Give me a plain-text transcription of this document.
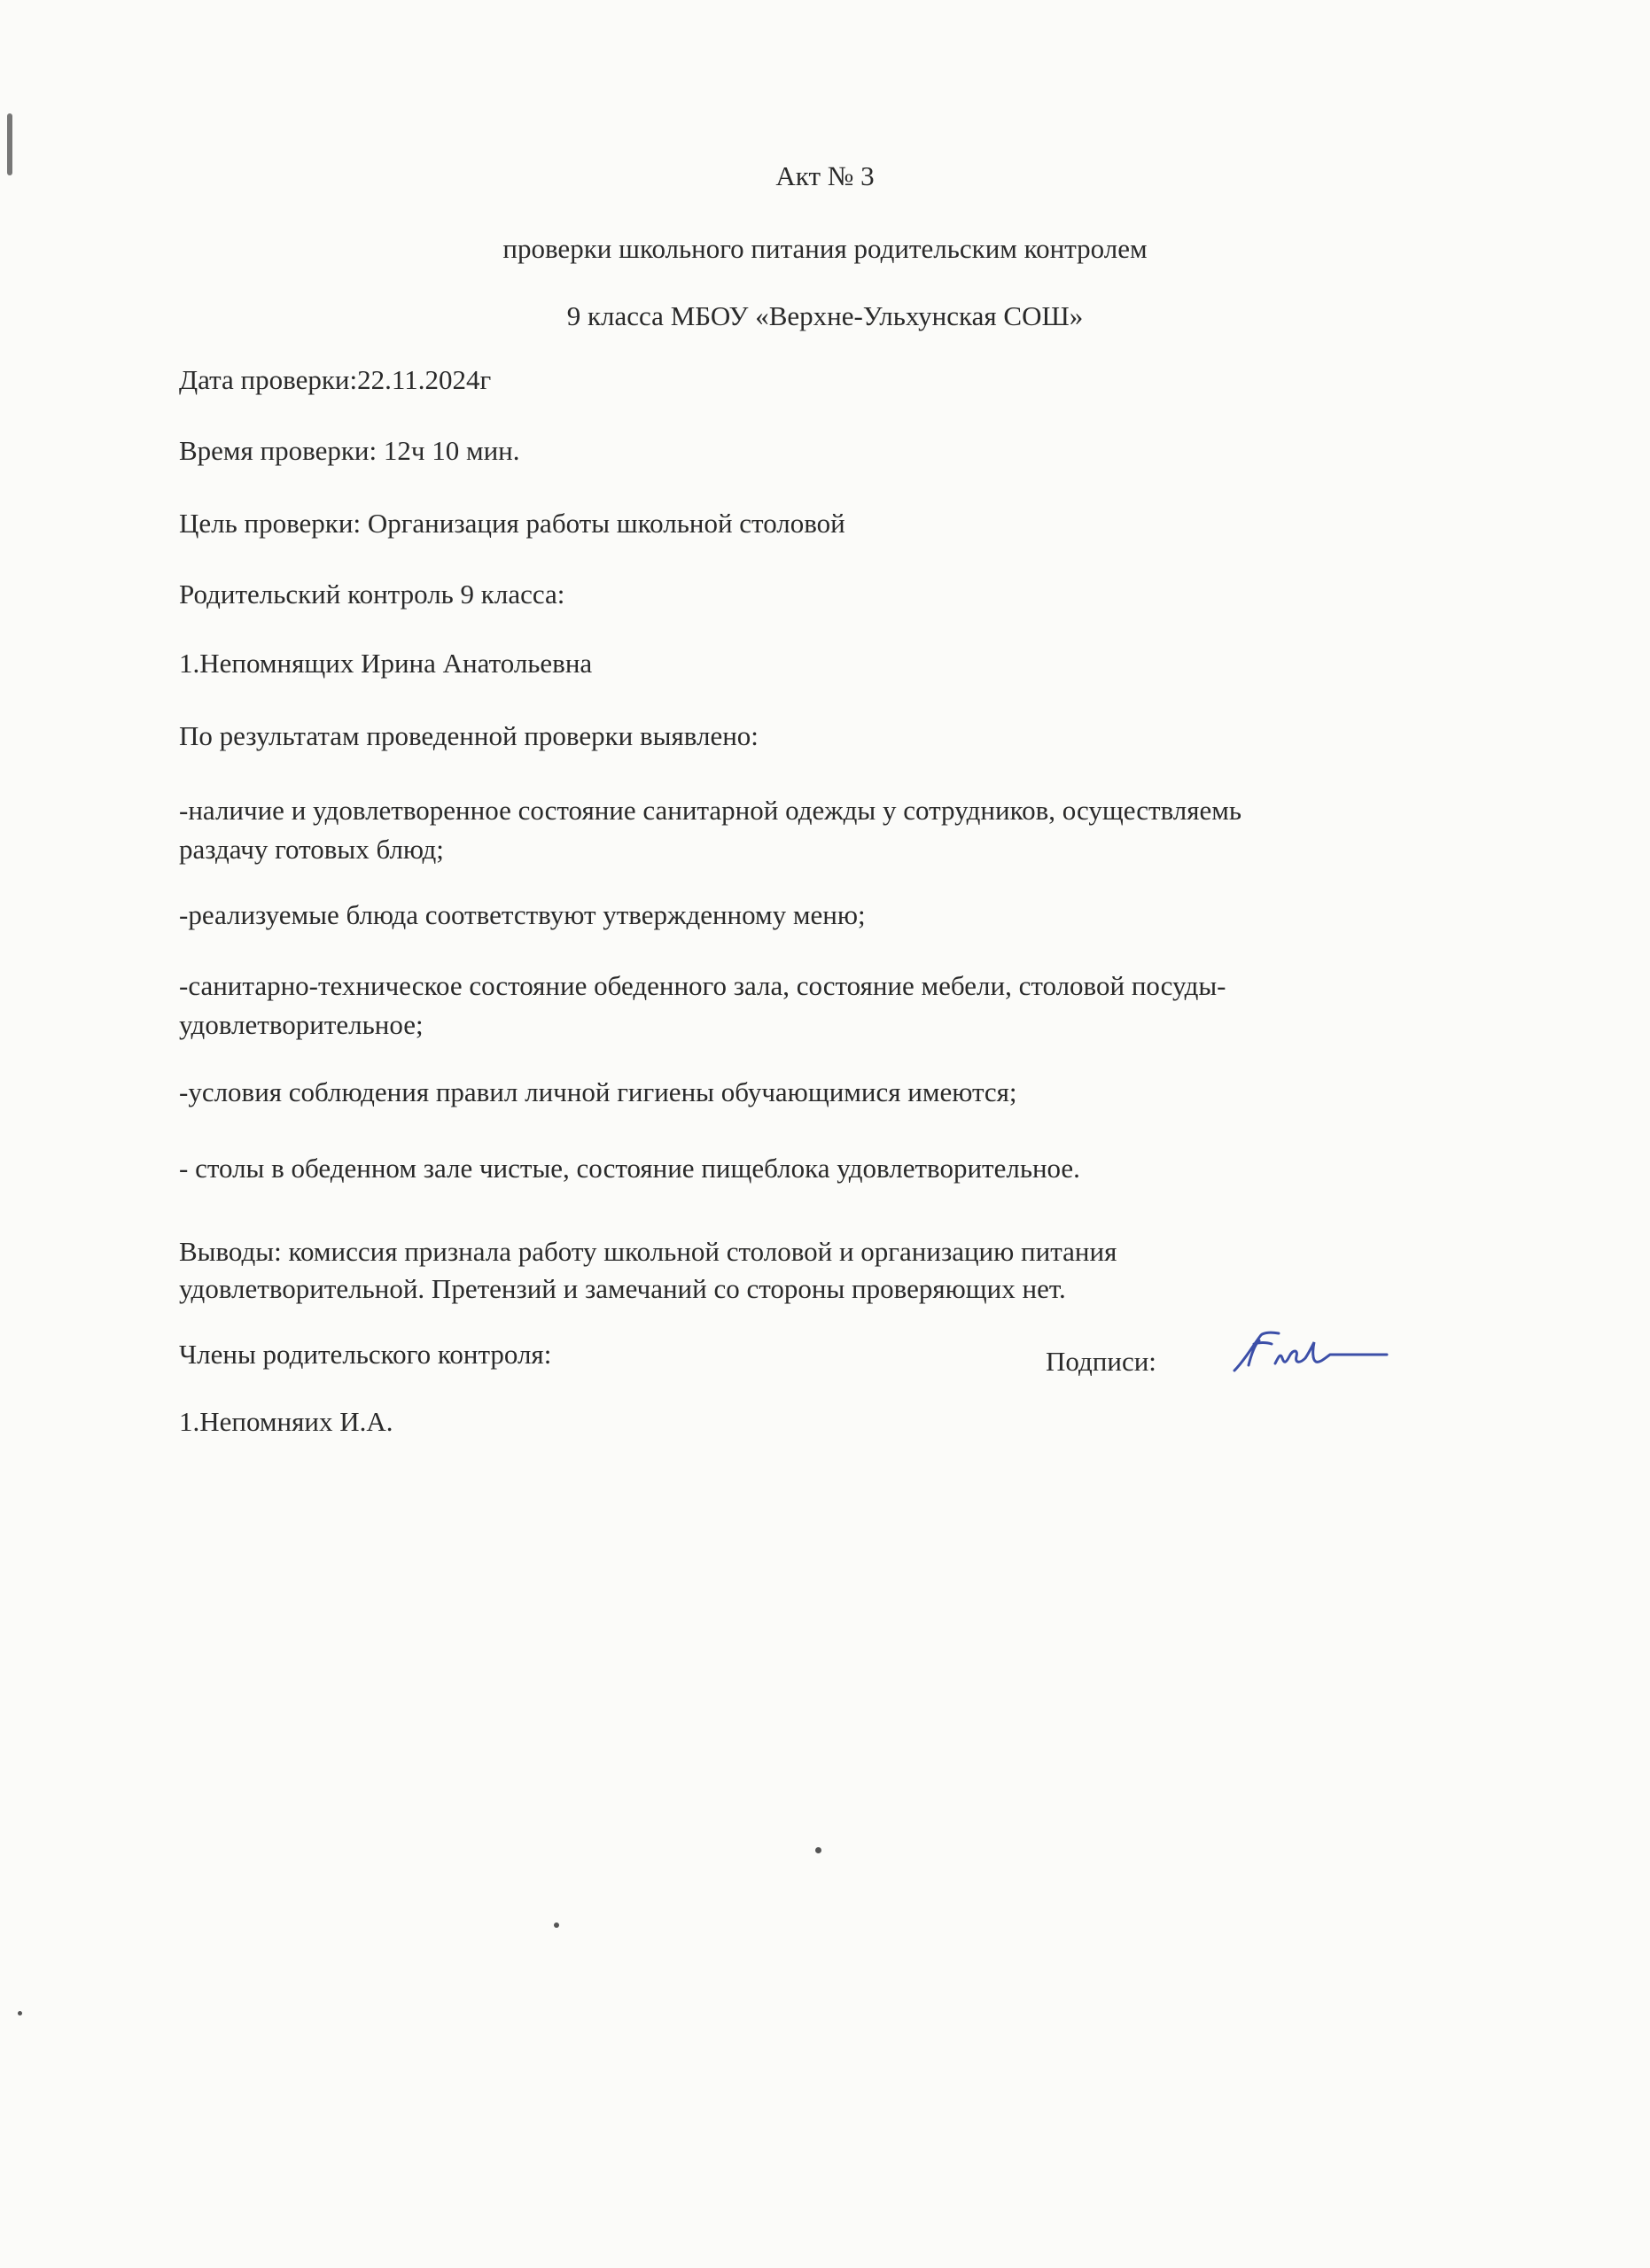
Акт № 3
проверки школьного питания родительским контролем
9 класса МБОУ «Верхне-Ульхунская СОШ»
Дата проверки:22.11.2024г
Время проверки: 12ч 10 мин.
Цель проверки: Организация работы школьной столовой
Родительский контроль 9 класса:
1.Непомнящих Ирина Анатольевна
По результатам проведенной проверки выявлено:
-наличие и удовлетворенное состояние санитарной одежды у сотрудников, осуществляемь
раздачу готовых блюд;
-реализуемые блюда соответствуют утвержденному меню;
-санитарно-техническое состояние обеденного зала, состояние мебели, столовой посуды-
удовлетворительное;
-условия соблюдения правил личной гигиены обучающимися имеются;
- столы в обеденном зале чистые, состояние пищеблока удовлетворительное.
Выводы: комиссия признала работу школьной столовой и организацию питания
удовлетворительной. Претензий и замечаний со стороны проверяющих нет.
Члены родительского контроля:	Подписи:
1.Непомняих И.А.
